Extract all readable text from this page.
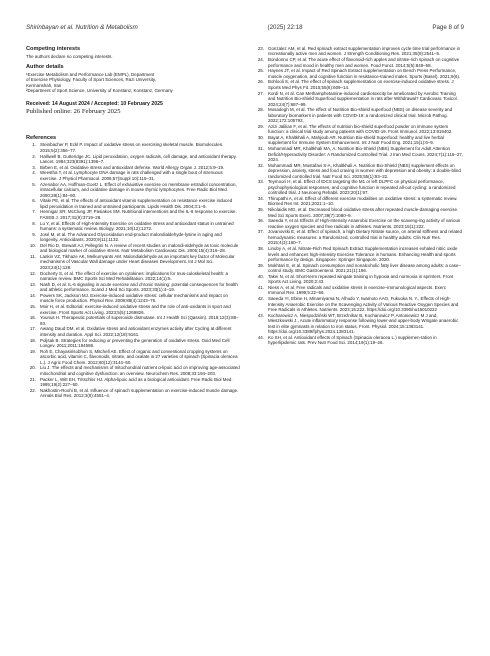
Shirinbayan et al. Nutrition & Metabolism	(2025) 22:18	Page 8 of 9
Competing interests

The authors declare no competing interests.

Author details
¹Exercise Metabolism and Performance Lab (EMPL), Department
of Exercise Physiology, Faculty of Sport Sciences, Razi University,
Kermanshah, Iran
²Department of Sport Science, University of Konstanz, Konstanz, Germany
Received: 14 August 2024 / Accepted: 10 February 2025
Published online: 26 February 2025
References
1. Steinbacher P, Eckl P. Impact of oxidative stress on exercising skeletal muscle. Biomolecules. 2015;5(2):356–77.
2. Halliwell B, Gutteridge JC. Lipid peroxidation, oxygen radicals, cell damage, and antioxidant therapy. Lancet. 1984;323(8391):1396–7.
3. Birben E, et al. Oxidative stress and antioxidant defense. World Allergy Organ J. 2012;5:9–19.
4. Weestha T, et al. Lymphocyte DNA damage in rats challenged with a single bout of strenuous exercise. J Physiol Pharmacol. 2006;57(Suppl 10):115–31.
5. Azenabor AA, Hoffman-Goetz L. Effect of exhaustive exercise on membrane estradiol concentration, intracellular calcium, and oxidative damage in mouse thymic lymphocytes. Free Radic Biol Med. 2000;28(1):84–90.
6. Vitale PE, et al. The effects of antioxidant vitamin supplementation on resistance exercise induced lipid peroxidation in trained and untrained participants. Lipids Health Dis. 2004;3:1–9.
7. Hennigar SR, McClung JP, Pasiakos SM. Nutritional interventions and the IL-6 response to exercise. FASEB J. 2017;31(9):3719–28.
8. Lu Y, et al. Effects of High-Intensity Exercise on oxidative stress and antioxidant status in untrained humans: a systematic review. Biology. 2021;10(12):1272.
9. José M, et al. The Advanced Glycosidation end-product malondialdehyde-lysine in aging and longevity. Antioxidants. 2020;9(11):1132.
10. Del Rio D, Stewart AJ, Pellegrini N. A review of recent studies on malondi-aldehyde as toxic molecule and biological marker of oxidative stress. Nutr Metabolism Cardiovasc Dis. 2005;15(4):316–28.
11. Lankin VZ, Tikhaze AK, Melkumyants AM. Malondialdehyde as an important key factor of Molecular mechanisms of Vascular Wall damage under Heart diseases Development. Int J Mol Sci. 2023;24(1):128.
12. Docherty S, et al. The effect of exercise on cytokines: implications for mus-culoskeletal health: a narrative review. BMC Sports Sci Med Rehabilitation. 2022;14(1):5.
13. Nash D, et al. IL-6 signaling in acute exercise and chronic training: potential consequences for health and athletic performance. Scand J Med Sci Sports. 2023;33(1):4–19.
14. Powers SK, Jackson MJ. Exercise-induced oxidative stress: cellular mechanisms and impact on muscle force production. Physiol Rev. 2008;88(4):1243–76.
15. Moir H, et al. Editorial: exercise-induced oxidative stress and the role of anti-oxidants in sport and exercise. Front Sports Act Living. 2023;5(5):1269826.
16. Younus H. Therapeutic potentials of superoxide dismutase. Int J Health Sci (Qassim). 2018;12(3):88–93.
17. Awang Daud DM, et al. Oxidative stress and antioxidant enzymes activity after Cycling at different intensity and duration. Appl Sci. 2022;12(18):9161.
18. Poljsak B. Strategies for reducing or preventing the generation of oxidative stress. Oxid Med Cell Longev. 2011;2011:194586.
19. Roh E, Chayasirisobhon S, Mitchell AE. Effect of organic and conventional cropping systems on ascorbic acid, vitamin C, flavonoids, nitrate, and oxalate in 27 varieties of spinach (Spinacia oleracea L.). J Agric Food Chem. 2012;60(12):3144–50.
20. Liu J. The effects and mechanisms of mitochondrial nutrient α-lipoic acid on improving age-associated mitochondrial and cognitive dysfunction: an overview. Neurochem Res. 2008;33:194–203.
21. Packer L, Witt EH, Tritschler HJ. Alpha-lipoic acid as a biological antioxidant. Free Radic Biol Med. 1995;19(2):227–50.
22. Nakhostin-Roohi B, et al. Influence of spinach supplementation on exercise-induced muscle damage. Annals Biol Res. 2012;3(9):4551–4.
23. Gonzalez AM, et al. Red spinach extract supplementation improves cycle time trial performance in recreationally active men and women. J Strength Conditioning Res. 2021;35(9):2541–5.
24. Bondonno CP, et al. The acute effect of flavonoid-rich apples and nitrate-rich spinach on cognitive performance and mood in healthy men and women. Food Funct. 2014;5(5):849–58.
25. Haynes JT, et al. Impact of Red Spinach Extract supplementation on Bench Press Performance, muscle oxygenation, and cognitive function in resistance-trained males. Sports (Basel). 2021;9(6).
26. Bohlooli S, et al. The effect of spinach supplementation on exercise-induced oxidative stress. J Sports Med Phys Fit. 2015;55(6):609–14.
27. Kordi N, et al. Can Methamphetamine-induced cardiotoxicity be ameliorated by Aerobic Training and Nutrition Bio-shield Superfood supplementation in rats after Withdrawal? Cardiovasc Toxicol. 2024;24(7):687–99.
28. Mosadegh M, et al. The effect of Nutrition Bio-shield superfood (NBS) on disease severity and laboratory biomarkers in patients with COVID-19: a randomized clinical trial. Microb Pathog. 2022;172:105792.
29. Azizi Jalilian F, et al. The effects of nutrition bio-shield superfood powder on immune system function: a clinical trial study among patients with COVID-19. Front Immunol. 2022;13:919402.
30. Bayat A, Khaltkhali A, Mahjoub AR. Nutrition Bio-shield Superfood: healthy and live herbal supplement for Immune System Enhancement. Int J Nutr Food Eng. 2021;15(1):6–9.
31. Mohammadi MR, Khaltkhali MA, A. Nutrition Bio-Shield (NBS) Supplement for Adult Attention Deficit/Hyperactivity Disorder: A Randomized Controlled Trial. J Iran Med Couns. 2024;7(1):116–27, 2024.
32. Mohammadi MR, Mostafavi S-A, Khaltkhali A. Nutrition Bio-Shield (NBS) supplement effects on depression, anxiety, stress and food craving in women with depression and obesity: a double-blind randomized controlled trial. Nutr Food Sci. 2025;55(1):93–22.
33. Teymoori H, et al. Effect of tDCS targeting the M1 or left DLPFC on physical performance, psychophysiological responses, and cognitive function in repeated all-out cycling: a randomized controlled trial. J Neuroeng Rehabil. 2023;20(1):97.
34. Thirupathi A, et al. Effect of different exercise modalities on oxidative stress: a systematic review. Biomed Res Int. 2021;2021:1–10.
35. Nikolaidis MG, et al. Decreased blood oxidative stress after repeated muscle-damaging exercise. Med Sci Sports Exerc. 2007;39(7):1080–9.
36. Saeeda Y, et al. Effects of High-Intensity Anaerobic Exercise on the scaveng-ing activity of various reactive oxygen species and free radicals in athletes. Nutrients. 2023;15(1):222.
37. Jovanovski E, et al. Effect of spinach, a high Dietary Nitrate source, on arterial stiffness and related hemodynamic measures: a Randomized, controlled trial in healthy adults. Clin Nutr Res. 2015;4(3):160–7.
38. Linoby A, et al. Nitrate-Rich Red Spinach Extract Supplementation increases exhaled nitric oxide levels and enhances high-intensity Exercise Tolerance in humans. Enhancing Health and sports performance by design. Singapore: Springer Singapore. 2020.
39. Mokhtari E, et al. Spinach consumption and nonalcoholic fatty liver disease among adults: a case–control study. BMC Gastroenterol. 2021;21(1):196.
40. Takei N, et al. Short-term repeated wingate training in hypoxia and normoxia in sprinters. Front Sports Act Living. 2020;2:43.
41. Niess A, et al. Free radicals and oxidative stress in exercise–immunological aspects. Exerc Immunol Rev. 1999;5:22–56.
42. Saeeda YI, Ebine H, Minamiyama N, Alhudo Y, Iwamoto AAO, Fukuoka N. Y., Effects of High-Intensity Anaerobic Exercise on the Scavenging Activity of Various Reactive Oxygen Species and Free Radicals in Athletes. Nutrients. 2023;15:222. https://doi.org/10.3390/nu15010222
43. Kocharowicz A, Niespodziński WT, Brzeźnikar B, Kocharowicz P, Antoniewicz M J and, Mieszkowski J., Acute inflammatory response following lower-and upper-body Wingate anaerobic test in elite gymnasts in relation to iron status. Front. Physiol. 2024;15:1383141. https://doi.org/10.3389/fphys.2024.1383141.
44. Ko SH, et al. Antioxidant effects of Spinach (Spinacia oleracea L.) supplemen-tation in hyperlipidemic rats. Prev Nutr Food Sci. 2014;19(1):19–26.
